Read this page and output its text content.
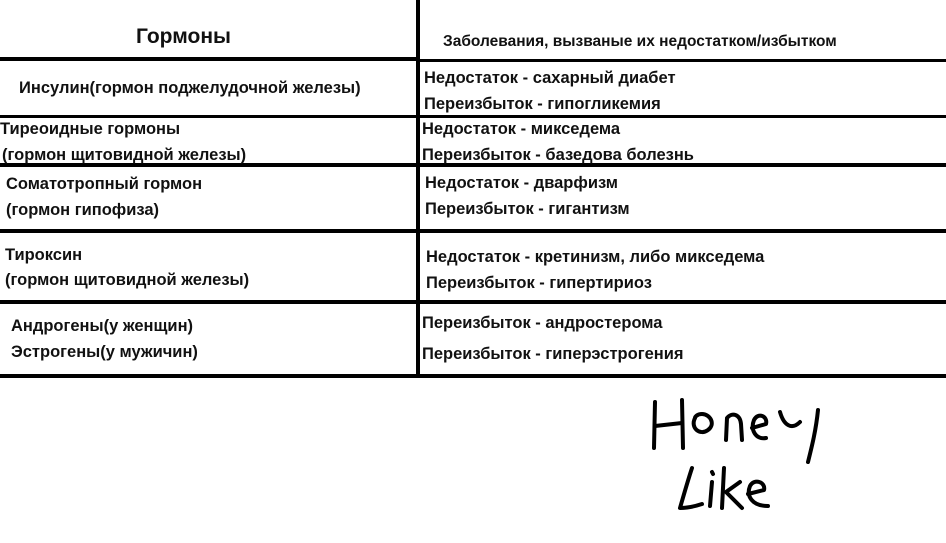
Гормоны	Заболевания, вызваные их недостатком/избытком
Инсулин(гормон поджелудочной железы)
Недостаток - сахарный диабет
Переизбыток - гипогликемия
Тиреоидные гормоны
(гормон щитовидной железы)
Недостаток - микседема
Переизбыток - базедова болезнь
Соматотропный гормон
(гормон гипофиза)
Недостаток - дварфизм
Переизбыток - гигантизм
Тироксин
(гормон щитовидной железы)
Недостаток - кретинизм, либо микседема
Переизбыток - гипертириоз
Андрогены(у женщин)
Эстрогены(у мужичин)
Переизбыток - андростерома
Переизбыток - гиперэстрогения
